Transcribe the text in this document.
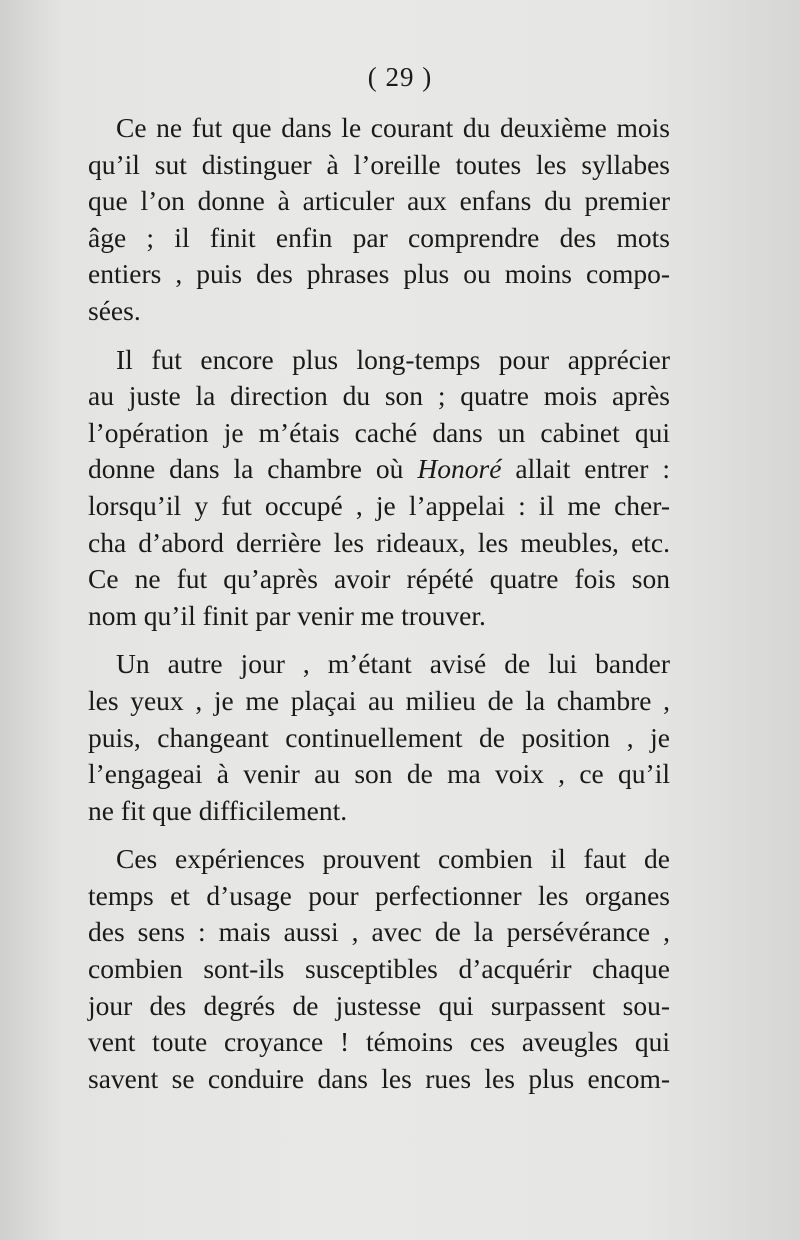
( 29 )

Ce ne fut que dans le courant du deuxième mois
qu’il sut distinguer à l’oreille toutes les syllabes
que l’on donne à articuler aux enfans du premier
âge ; il finit enfin par comprendre des mots
entiers , puis des phrases plus ou moins compo-
sées.

Il fut encore plus long-temps pour apprécier
au juste la direction du son ; quatre mois après
l’opération je m’étais caché dans un cabinet qui
donne dans la chambre où Honoré allait entrer :
lorsqu’il y fut occupé , je l’appelai : il me cher-
cha d’abord derrière les rideaux, les meubles, etc.
Ce ne fut qu’après avoir répété quatre fois son
nom qu’il finit par venir me trouver.

Un autre jour , m’étant avisé de lui bander
les yeux , je me plaçai au milieu de la chambre ,
puis, changeant continuellement de position , je
l’engageai à venir au son de ma voix , ce qu’il
ne fit que difficilement.

Ces expériences prouvent combien il faut de
temps et d’usage pour perfectionner les organes
des sens : mais aussi , avec de la persévérance ,
combien sont-ils susceptibles d’acquérir chaque
jour des degrés de justesse qui surpassent sou-
vent toute croyance ! témoins ces aveugles qui
savent se conduire dans les rues les plus encom-
